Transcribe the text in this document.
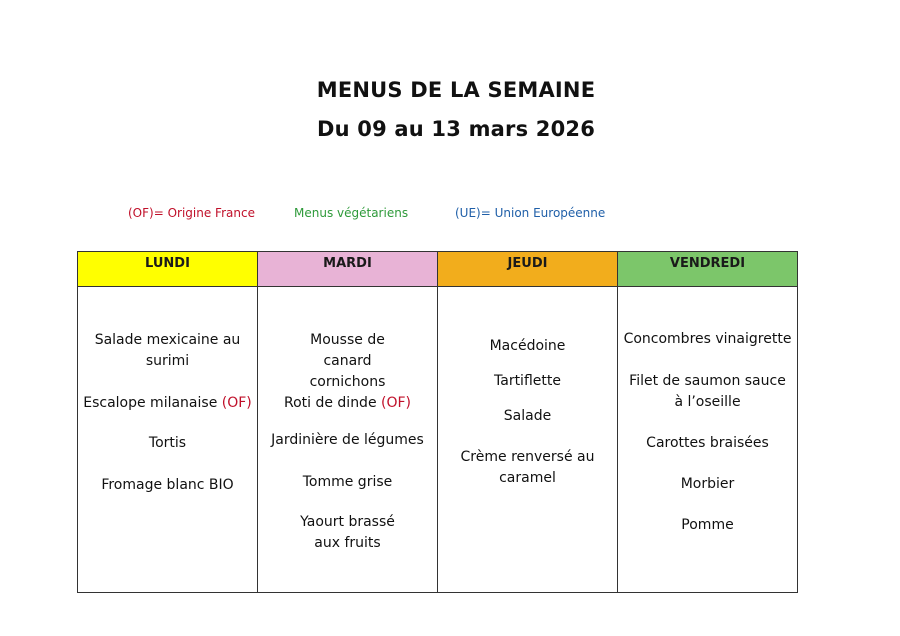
MENUS DE LA SEMAINE
Du 09 au 13 mars 2026
(OF)= Origine France	Menus végétariens	(UE)= Union Européenne
LUNDI
Salade mexicaine au surimi
Escalope milanaise (OF)
Tortis
Fromage blanc BIO
MARDI
Mousse de canard cornichons
Roti de dinde (OF)
Jardinière de légumes
Tomme grise
Yaourt brassé aux fruits
JEUDI
Macédoine
Tartiflette
Salade
Crème renversé au caramel
VENDREDI
Concombres vinaigrette
Filet de saumon sauce à l’oseille
Carottes braisées
Morbier
Pomme
